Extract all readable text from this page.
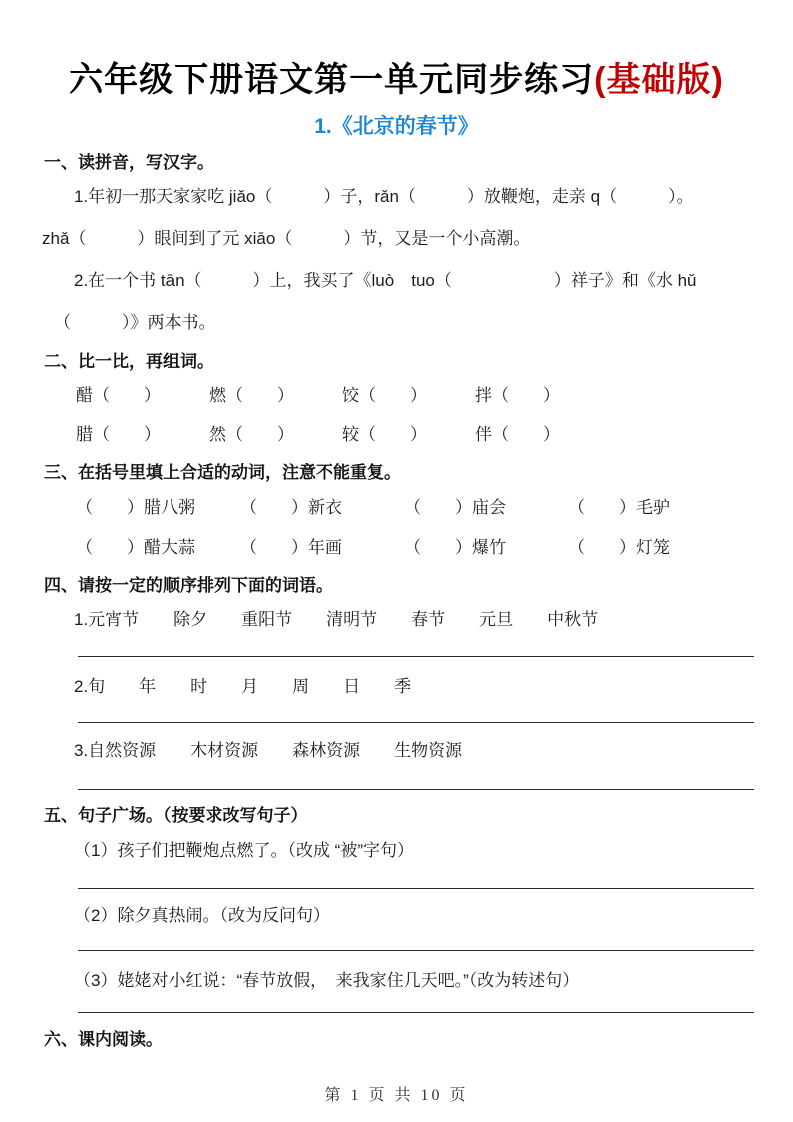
六年级下册语文第一单元同步练习(基础版)
1.《北京的春节》
一、读拼音，写汉字。
1.年初一那天家家吃 jiǎo（　　　）子，rǎn（　　　）放鞭炮，走亲 q（　　　）。
zhǎ（　　　）眼间到了元 xiāo（　　　）节，又是一个小高潮。
2.在一个书 tān（　　　）上，我买了《luò　tuo（　　　　　　）祥子》和《水 hǔ
（　　　）》两本书。
二、比一比，再组词。
醋（　　）	燃（　　）	饺（　　）	拌（　　）
腊（　　）	然（　　）	较（　　）	伴（　　）
三、在括号里填上合适的动词，注意不能重复。
（　　）腊八粥	（　　）新衣	（　　）庙会	（　　）毛驴
（　　）醋大蒜	（　　）年画	（　　）爆竹	（　　）灯笼
四、请按一定的顺序排列下面的词语。
1.元宵节　　除夕　　重阳节　　清明节　　春节　　元旦　　中秋节
2.旬　　年　　时　　月　　周　　日　　季
3.自然资源　　木材资源　　森林资源　　生物资源
五、句子广场。（按要求改写句子）
（1）孩子们把鞭炮点燃了。（改成 “被”字句）
（2）除夕真热闹。（改为反问句）
（3）姥姥对小红说：“春节放假，　来我家住几天吧。”（改为转述句）
六、课内阅读。
第 1 页 共 10 页
